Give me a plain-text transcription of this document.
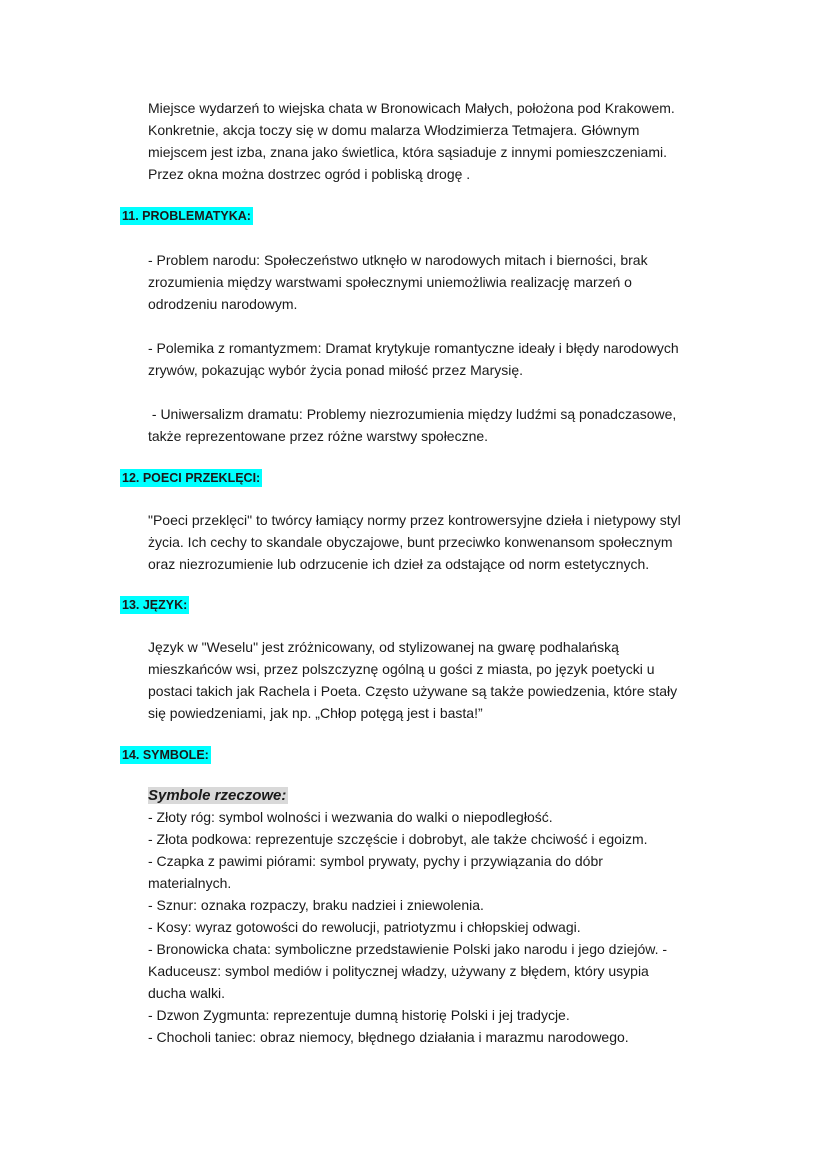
Miejsce wydarzeń to wiejska chata w Bronowicach Małych, położona pod Krakowem.
Konkretnie, akcja toczy się w domu malarza Włodzimierza Tetmajera. Głównym
miejscem jest izba, znana jako świetlica, która sąsiaduje z innymi pomieszczeniami.
Przez okna można dostrzec ogród i pobliską drogę .
11. PROBLEMATYKA:
- Problem narodu: Społeczeństwo utknęło w narodowych mitach i bierności, brak
zrozumienia między warstwami społecznymi uniemożliwia realizację marzeń o
odrodzeniu narodowym.
- Polemika z romantyzmem: Dramat krytykuje romantyczne ideały i błędy narodowych
zrywów, pokazując wybór życia ponad miłość przez Marysię.
- Uniwersalizm dramatu: Problemy niezrozumienia między ludźmi są ponadczasowe,
także reprezentowane przez różne warstwy społeczne.
12. POECI PRZEKLĘCI:
"Poeci przeklęci" to twórcy łamiący normy przez kontrowersyjne dzieła i nietypowy styl
życia. Ich cechy to skandale obyczajowe, bunt przeciwko konwenansom społecznym
oraz niezrozumienie lub odrzucenie ich dzieł za odstające od norm estetycznych.
13. JĘZYK:
Język w "Weselu" jest zróżnicowany, od stylizowanej na gwarę podhalańską
mieszkańców wsi, przez polszczyznę ogólną u gości z miasta, po język poetycki u
postaci takich jak Rachela i Poeta. Często używane są także powiedzenia, które stały
się powiedzeniami, jak np. „Chłop potęgą jest i basta!”
14. SYMBOLE:
Symbole rzeczowe:
- Złoty róg: symbol wolności i wezwania do walki o niepodległość.
- Złota podkowa: reprezentuje szczęście i dobrobyt, ale także chciwość i egoizm.
- Czapka z pawimi piórami: symbol prywaty, pychy i przywiązania do dóbr
materialnych.
- Sznur: oznaka rozpaczy, braku nadziei i zniewolenia.
- Kosy: wyraz gotowości do rewolucji, patriotyzmu i chłopskiej odwagi.
- Bronowicka chata: symboliczne przedstawienie Polski jako narodu i jego dziejów. -
Kaduceusz: symbol mediów i politycznej władzy, używany z błędem, który usypia
ducha walki.
- Dzwon Zygmunta: reprezentuje dumną historię Polski i jej tradycje.
- Chocholi taniec: obraz niemocy, błędnego działania i marazmu narodowego.
